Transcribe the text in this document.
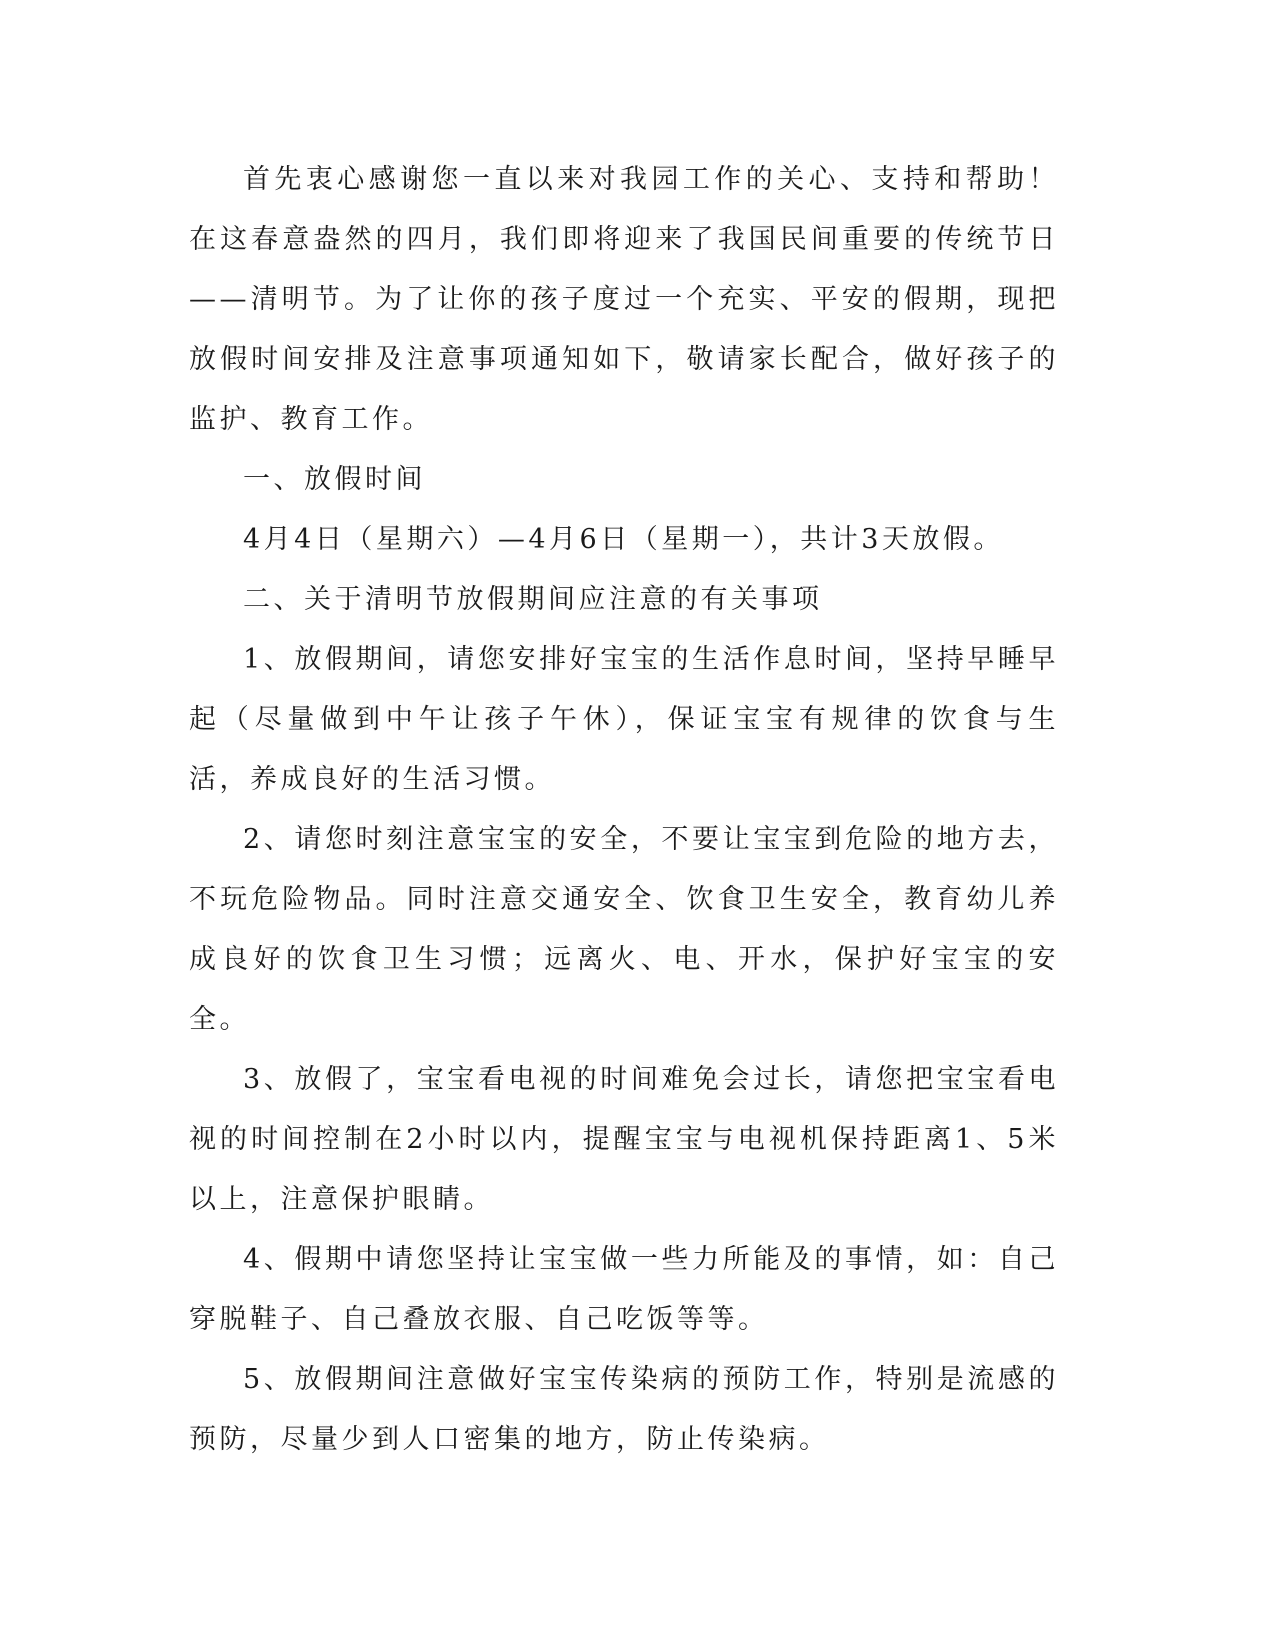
首先衷心感谢您一直以来对我园工作的关心、支持和帮助！在这春意盎然的四月，我们即将迎来了我国民间重要的传统节日——清明节。为了让你的孩子度过一个充实、平安的假期，现把放假时间安排及注意事项通知如下，敬请家长配合，做好孩子的监护、教育工作。

一、放假时间

4月4日（星期六）—4月6日（星期一），共计3天放假。

二、关于清明节放假期间应注意的有关事项

1、放假期间，请您安排好宝宝的生活作息时间，坚持早睡早起（尽量做到中午让孩子午休），保证宝宝有规律的饮食与生活，养成良好的生活习惯。

2、请您时刻注意宝宝的安全，不要让宝宝到危险的地方去，不玩危险物品。同时注意交通安全、饮食卫生安全，教育幼儿养成良好的饮食卫生习惯；远离火、电、开水，保护好宝宝的安全。

3、放假了，宝宝看电视的时间难免会过长，请您把宝宝看电视的时间控制在2小时以内，提醒宝宝与电视机保持距离1、5米以上，注意保护眼睛。

4、假期中请您坚持让宝宝做一些力所能及的事情，如：自己穿脱鞋子、自己叠放衣服、自己吃饭等等。

5、放假期间注意做好宝宝传染病的预防工作，特别是流感的预防，尽量少到人口密集的地方，防止传染病。
